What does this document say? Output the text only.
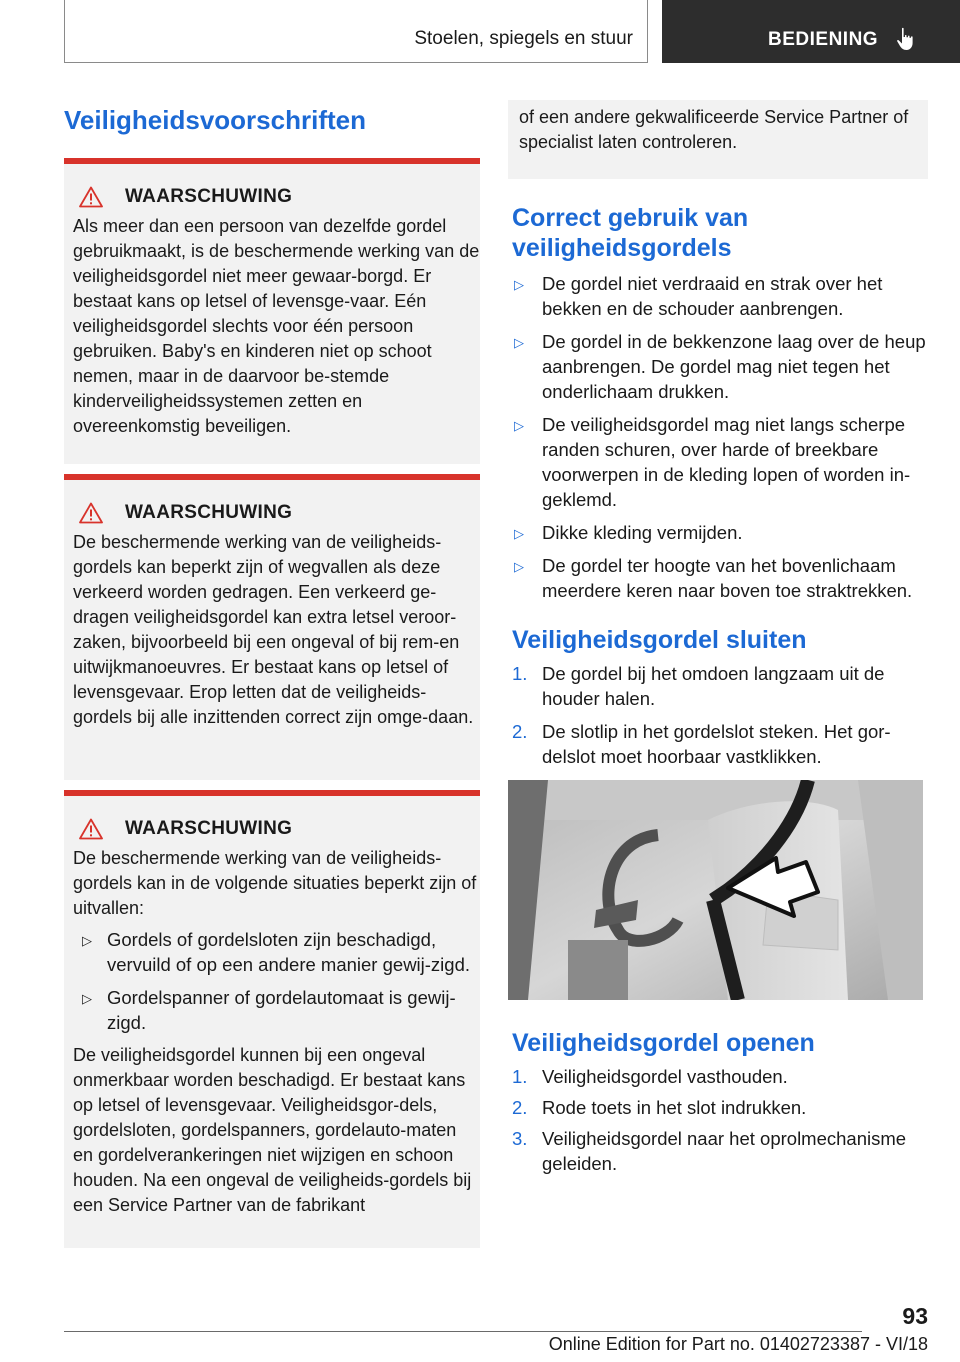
Stoelen, spiegels en stuur	BEDIENING
Veiligheidsvoorschriften
WAARSCHUWING

Als meer dan een persoon van dezelfde gordel gebruikmaakt, is de beschermende werking van de veiligheidsgordel niet meer gewaar-borgd. Er bestaat kans op letsel of levensge-vaar. Eén veiligheidsgordel slechts voor één persoon gebruiken. Baby's en kinderen niet op schoot nemen, maar in de daarvoor be-stemde kinderveiligheidssystemen zetten en overeenkomstig beveiligen.

WAARSCHUWING

De beschermende werking van de veiligheids-gordels kan beperkt zijn of wegvallen als deze verkeerd worden gedragen. Een verkeerd ge-dragen veiligheidsgordel kan extra letsel veroor-zaken, bijvoorbeeld bij een ongeval of bij rem-en uitwijkmanoeuvres. Er bestaat kans op letsel of levensgevaar. Erop letten dat de veiligheids-gordels bij alle inzittenden correct zijn omge-daan.

WAARSCHUWING

De beschermende werking van de veiligheids-gordels kan in de volgende situaties beperkt zijn of uitvallen:

▷ Gordels of gordelsloten zijn beschadigd, vervuild of op een andere manier gewij-zigd.
▷ Gordelspanner of gordelautomaat is gewij-zigd.

De veiligheidsgordel kunnen bij een ongeval onmerkbaar worden beschadigd. Er bestaat kans op letsel of levensgevaar. Veiligheidsgor-dels, gordelsloten, gordelspanners, gordelauto-maten en gordelverankeringen niet wijzigen en schoon houden. Na een ongeval de veiligheids-gordels bij een Service Partner van de fabrikant

of een andere gekwalificeerde Service Partner of specialist laten controleren.
Correct gebruik van veiligheidsgordels
▷ De gordel niet verdraaid en strak over het bekken en de schouder aanbrengen.
▷ De gordel in de bekkenzone laag over de heup aanbrengen. De gordel mag niet tegen het onderlichaam drukken.
▷ De veiligheidsgordel mag niet langs scherpe randen schuren, over harde of breekbare voorwerpen in de kleding lopen of worden in-geklemd.
▷ Dikke kleding vermijden.
▷ De gordel ter hoogte van het bovenlichaam meerdere keren naar boven toe straktrekken.
Veiligheidsgordel sluiten
1. De gordel bij het omdoen langzaam uit de houder halen.
2. De slotlip in het gordelslot steken. Het gor-delslot moet hoorbaar vastklikken.
Veiligheidsgordel openen
1. Veiligheidsgordel vasthouden.
2. Rode toets in het slot indrukken.
3. Veiligheidsgordel naar het oprolmechanisme geleiden.
93
Online Edition for Part no. 01402723387 - VI/18
